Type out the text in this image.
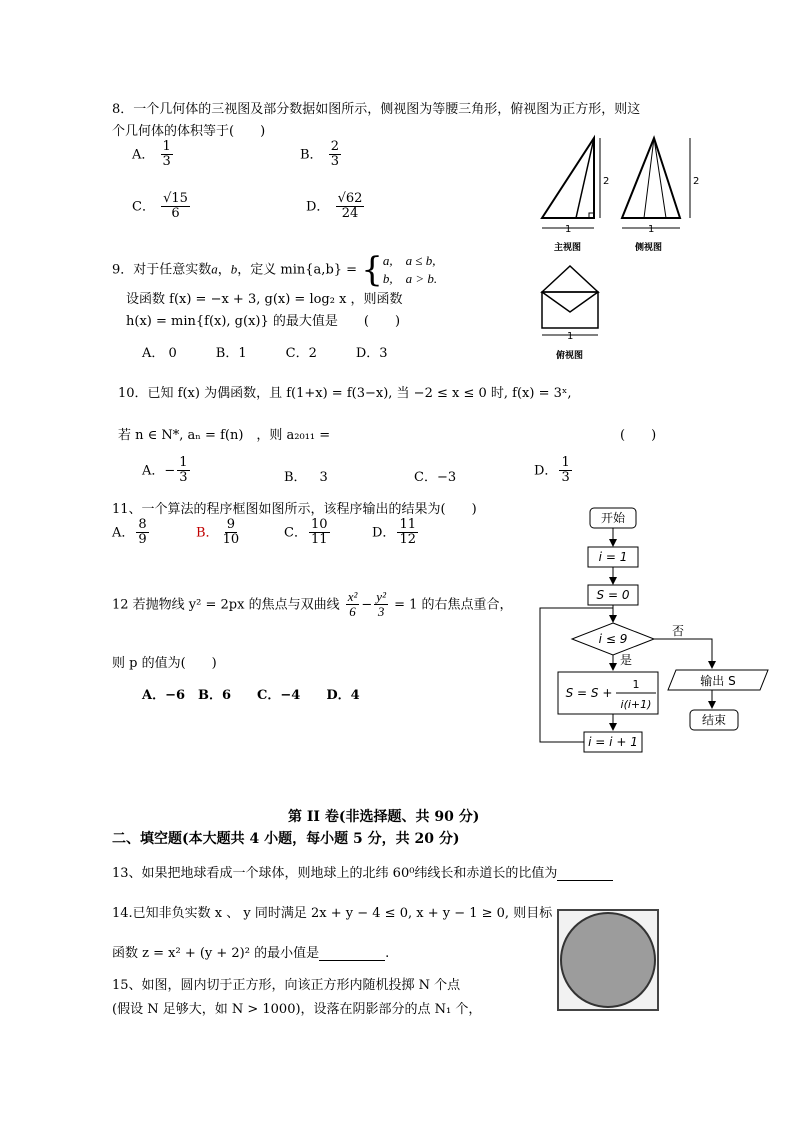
8．一个几何体的三视图及部分数据如图所示，侧视图为等腰三角形，俯视图为正方形，则这
个几何体的体积等于(　　)
A． $\frac{1}{3}$	B． $\frac{2}{3}$
C． $\frac{√15}{6}$	D． $\frac{√62}{24}$
2
1
主视图
2
1
侧视图
1
俯视图
9．对于任意实数a，b，定义 min{a,b} = { a, a ≤ b,
b, a > b.
设函数 f(x) = −x + 3, g(x) = log₂ x ，则函数
h(x) = min{f(x), g(x)} 的最大值是　　(　　)
A． 0   B．1   C．2   D．3
10．已知 f(x) 为偶函数，且 f(1+x) = f(3−x), 当 −2 ≤ x ≤ 0 时, f(x) = 3ˣ,
若 n ∈ N*, aₙ = f(n) ，则 a₂₀₁₁ =	(　　)
A．− $\frac{1}{3}$	B． 3	C．−3	D． $\frac{1}{3}$
11、一个算法的程序框图如图所示，该程序输出的结果为(　　)
A． $\frac{8}{9}$	B． $\frac{9}{10}$	C． $\frac{10}{11}$	D． $\frac{11}{12}$	开始
i = 1
S = 0
i ≤ 9
否
是
S = S +
1
i(i+1)
i = i + 1
输出 S
结束
12 若抛物线 y² = 2px 的焦点与双曲线 $\frac{\text{x²}}{6} - \frac{\text{y²}}{3} = 1$ 的右焦点重合，
则 p 的值为(　　)
A．−6 B．6  C．−4  D．4
第 II 卷(非选择题、共 90 分)
二、填空题(本大题共 4 小题，每小题 5 分，共 20 分)
13、如果把地球看成一个球体，则地球上的北纬 60⁰纬线长和赤道长的比值为
14.已知非负实数 x 、 y 同时满足 2x + y − 4 ≤ 0, x + y − 1 ≥ 0, 则目标
函数 z = x² + (y + 2)² 的最小值是	.
15、如图，圆内切于正方形，向该正方形内随机投掷 N 个点
(假设 N 足够大，如 N > 1000)，设落在阴影部分的点 N₁ 个，
